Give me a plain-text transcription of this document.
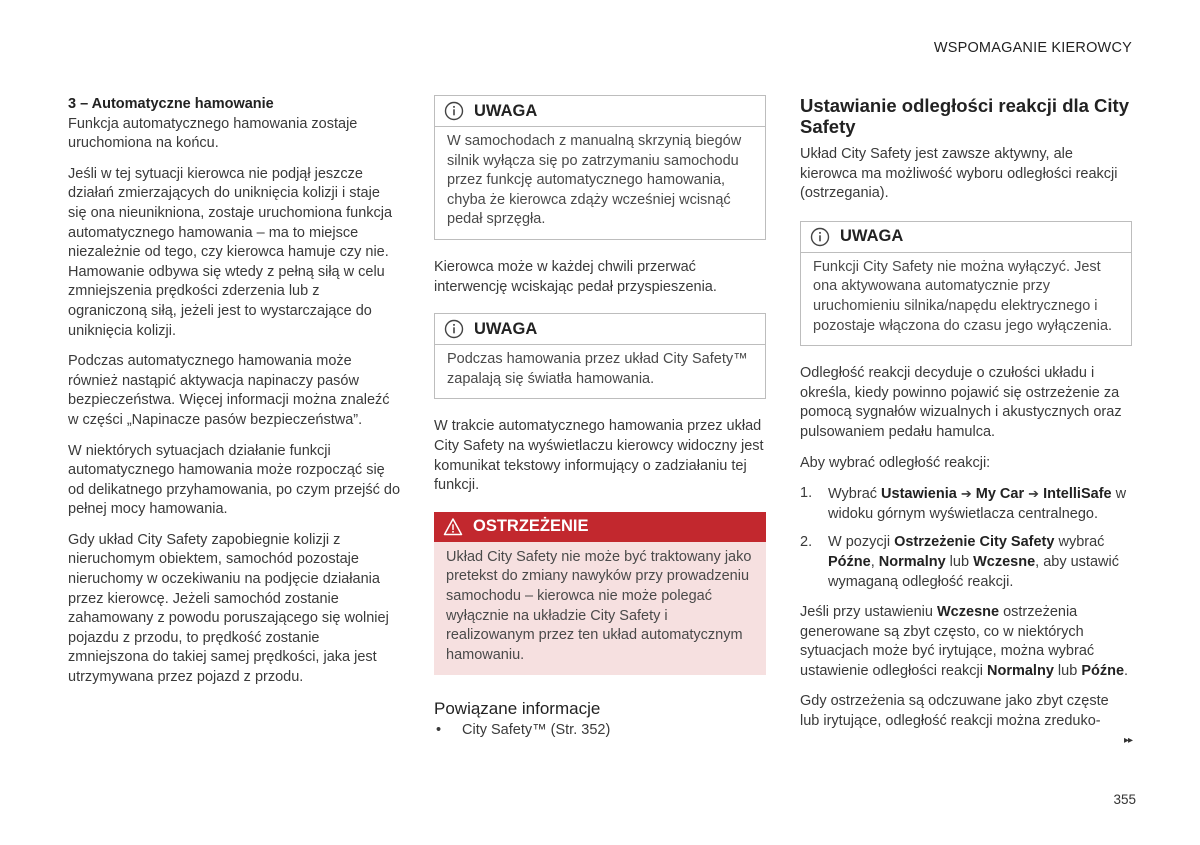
WSPOMAGANIE KIEROWCY
3 – Automatyczne hamowanie

Funkcja automatycznego hamowania zostaje uruchomiona na końcu.

Jeśli w tej sytuacji kierowca nie podjął jeszcze działań zmierzających do uniknięcia kolizji i staje się ona nieunikniona, zostaje uruchomiona funkcja automatycznego hamowania – ma to miejsce niezależnie od tego, czy kierowca hamuje czy nie. Hamowanie odbywa się wtedy z pełną siłą w celu zmniejszenia prędkości zderzenia lub z ograniczoną siłą, jeżeli jest to wystarczające do uniknięcia kolizji.

Podczas automatycznego hamowania może również nastąpić aktywacja napinaczy pasów bezpieczeństwa. Więcej informacji można znaleźć w części „Napinacze pasów bezpieczeństwa”.

W niektórych sytuacjach działanie funkcji automatycznego hamowania może rozpocząć się od delikatnego przyhamowania, po czym przejść do pełnej mocy hamowania.

Gdy układ City Safety zapobiegnie kolizji z nieruchomym obiektem, samochód pozostaje nieruchomy w oczekiwaniu na podjęcie działania przez kierowcę. Jeżeli samochód zostanie zahamowany z powodu poruszającego się wolniej pojazdu z przodu, to prędkość zostanie zmniejszona do takiej samej prędkości, jaka jest utrzymywana przez pojazd z przodu.

UWAGA
W samochodach z manualną skrzynią biegów silnik wyłącza się po zatrzymaniu samochodu przez funkcję automatycznego hamowania, chyba że kierowca zdąży wcześniej wcisnąć pedał sprzęgła.

Kierowca może w każdej chwili przerwać interwencję wciskając pedał przyspieszenia.

UWAGA
Podczas hamowania przez układ City Safety™ zapalają się światła hamowania.

W trakcie automatycznego hamowania przez układ City Safety na wyświetlaczu kierowcy widoczny jest komunikat tekstowy informujący o zadziałaniu tej funkcji.

OSTRZEŻENIE
Układ City Safety nie może być traktowany jako pretekst do zmiany nawyków przy prowadzeniu samochodu – kierowca nie może polegać wyłącznie na układzie City Safety i realizowanym przez ten układ automatycznym hamowaniu.
Powiązane informacje
• City Safety™ (Str. 352)
Ustawianie odległości reakcji dla City Safety

Układ City Safety jest zawsze aktywny, ale kierowca ma możliwość wyboru odległości reakcji (ostrzegania).

UWAGA
Funkcji City Safety nie można wyłączyć. Jest ona aktywowana automatycznie przy uruchomieniu silnika/napędu elektrycznego i pozostaje włączona do czasu jego wyłączenia.

Odległość reakcji decyduje o czułości układu i określa, kiedy powinno pojawić się ostrzeżenie za pomocą sygnałów wizualnych i akustycznych oraz pulsowaniem pedału hamulca.

Aby wybrać odległość reakcji:

1.	Wybrać Ustawienia ➔ My Car ➔ IntelliSafe w widoku górnym wyświetlacza centralnego.
2.	W pozycji Ostrzeżenie City Safety wybrać Późne, Normalny lub Wczesne, aby ustawić wymaganą odległość reakcji.

Jeśli przy ustawieniu Wczesne ostrzeżenia generowane są zbyt często, co w niektórych sytuacjach może być irytujące, można wybrać ustawienie odległości reakcji Normalny lub Późne.

Gdy ostrzeżenia są odczuwane jako zbyt częste lub irytujące, odległość reakcji można zreduko-

▸▸
355
